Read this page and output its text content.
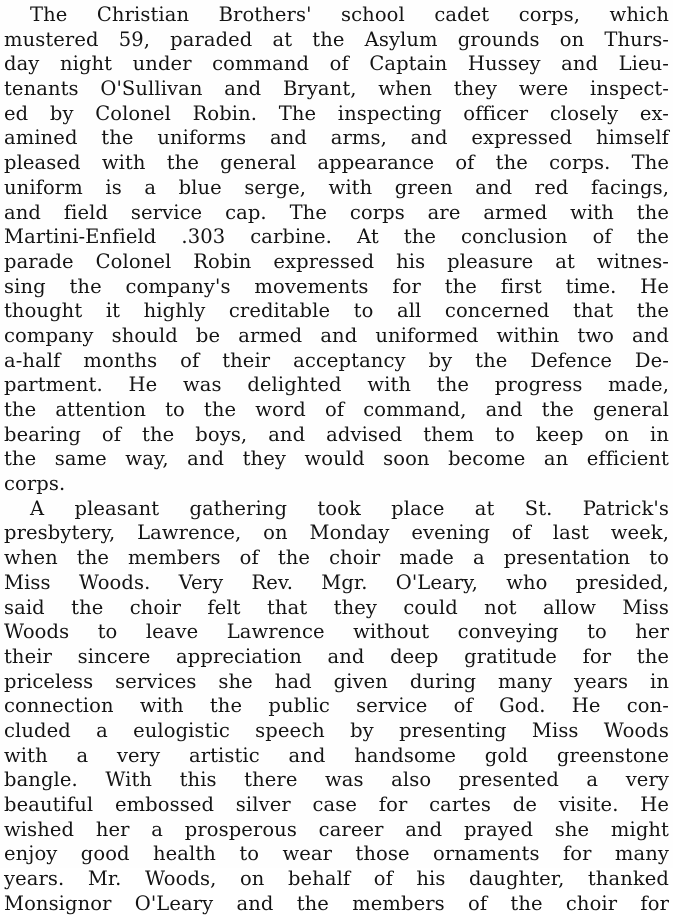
The Christian Brothers' school cadet corps, which
mustered 59, paraded at the Asylum grounds on Thurs-
day night under command of Captain Hussey and Lieu-
tenants O'Sullivan and Bryant, when they were inspect-
ed by Colonel Robin. The inspecting officer closely ex-
amined the uniforms and arms, and expressed himself
pleased with the general appearance of the corps. The
uniform is a blue serge, with green and red facings,
and field service cap. The corps are armed with the
Martini-Enfield .303 carbine. At the conclusion of the
parade Colonel Robin expressed his pleasure at witnes-
sing the company's movements for the first time. He
thought it highly creditable to all concerned that the
company should be armed and uniformed within two and
a-half months of their acceptancy by the Defence De-
partment. He was delighted with the progress made,
the attention to the word of command, and the general
bearing of the boys, and advised them to keep on in
the same way, and they would soon become an efficient
corps.
A pleasant gathering took place at St. Patrick's
presbytery, Lawrence, on Monday evening of last week,
when the members of the choir made a presentation to
Miss Woods. Very Rev. Mgr. O'Leary, who presided,
said the choir felt that they could not allow Miss
Woods to leave Lawrence without conveying to her
their sincere appreciation and deep gratitude for the
priceless services she had given during many years in
connection with the public service of God. He con-
cluded a eulogistic speech by presenting Miss Woods
with a very artistic and handsome gold greenstone
bangle. With this there was also presented a very
beautiful embossed silver case for cartes de visite. He
wished her a prosperous career and prayed she might
enjoy good health to wear those ornaments for many
years. Mr. Woods, on behalf of his daughter, thanked
Monsignor O'Leary and the members of the choir for
